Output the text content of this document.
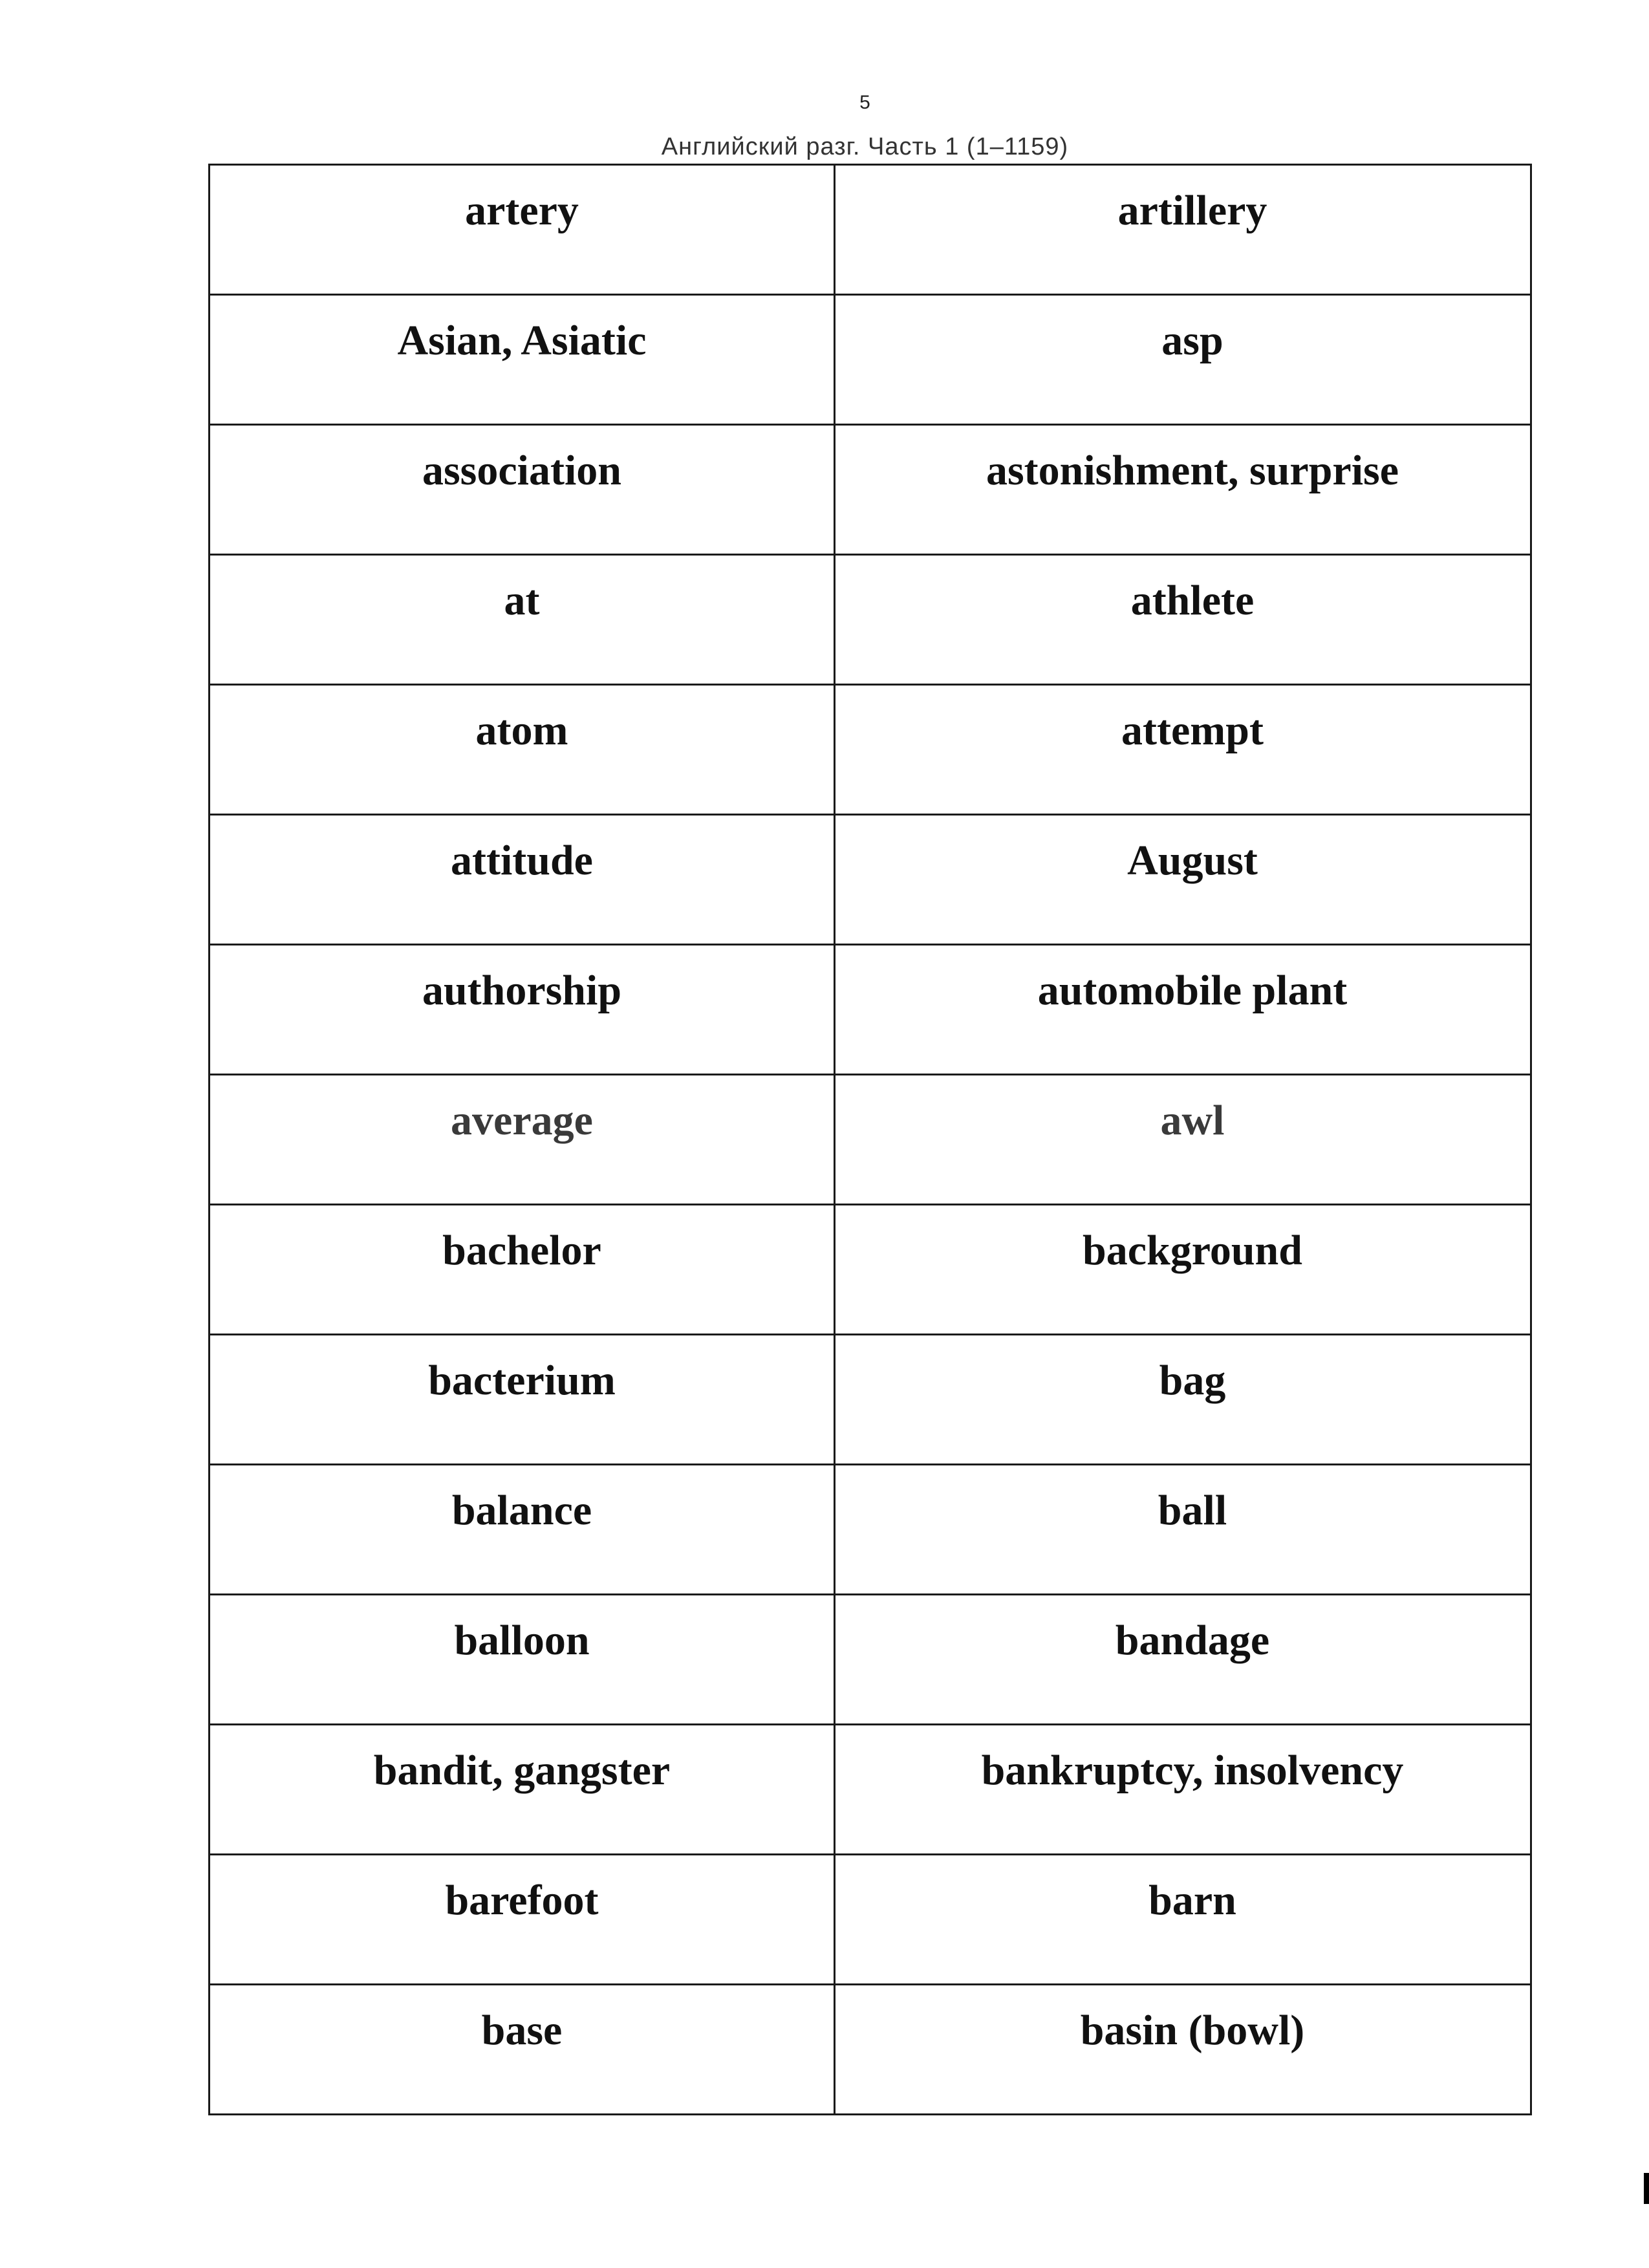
5
Английский разг. Часть 1 (1–1159)
artery	artillery
Asian, Asiatic	asp
association	astonishment, surprise
at	athlete
atom	attempt
attitude	August
authorship	automobile plant
average	awl
bachelor	background
bacterium	bag
balance	ball
balloon	bandage
bandit, gangster	bankruptcy, insolvency
barefoot	barn
base	basin (bowl)
